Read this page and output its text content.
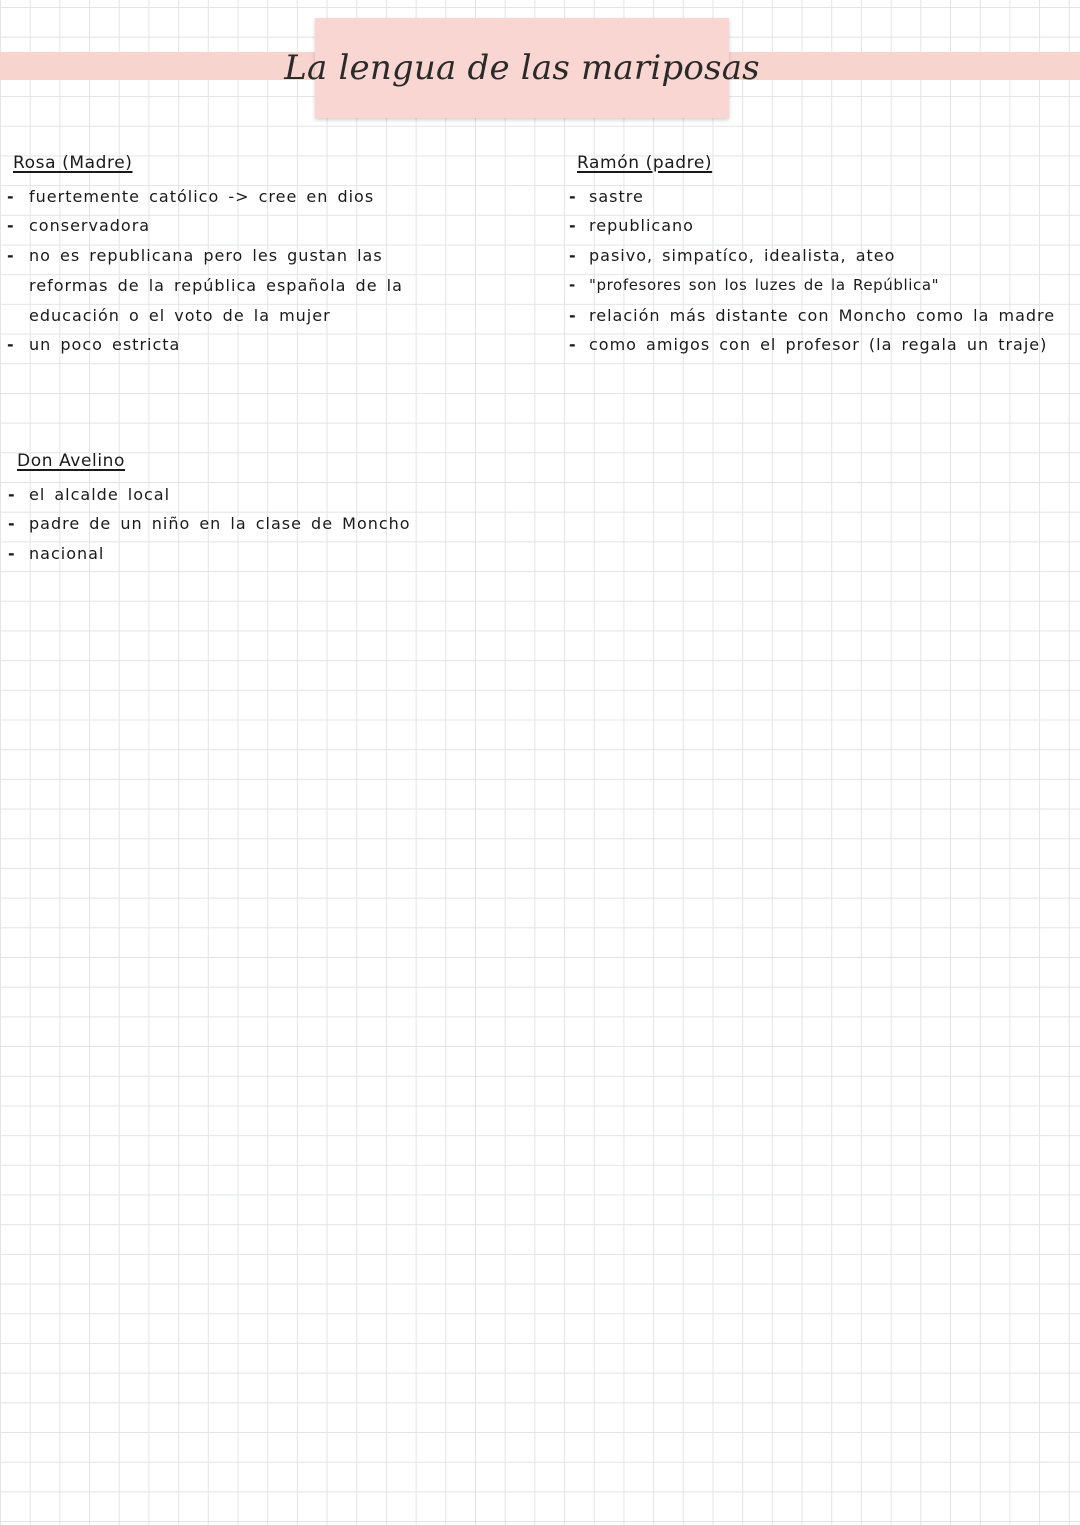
La lengua de las mariposas
Rosa (Madre)
- fuertemente católico -> cree en dios
- conservadora
- no es republicana pero les gustan las reformas de la república española de la educación o el voto de la mujer
- un poco estricta
Ramón (padre)
- sastre
- republicano
- pasivo, simpatíco, idealista, ateo
- "profesores son los luzes de la República"
- relación más distante con Moncho como la madre
- como amigos con el profesor (la regala un traje)
Don Avelino
- el alcalde local
- padre de un niño en la clase de Moncho
- nacional
